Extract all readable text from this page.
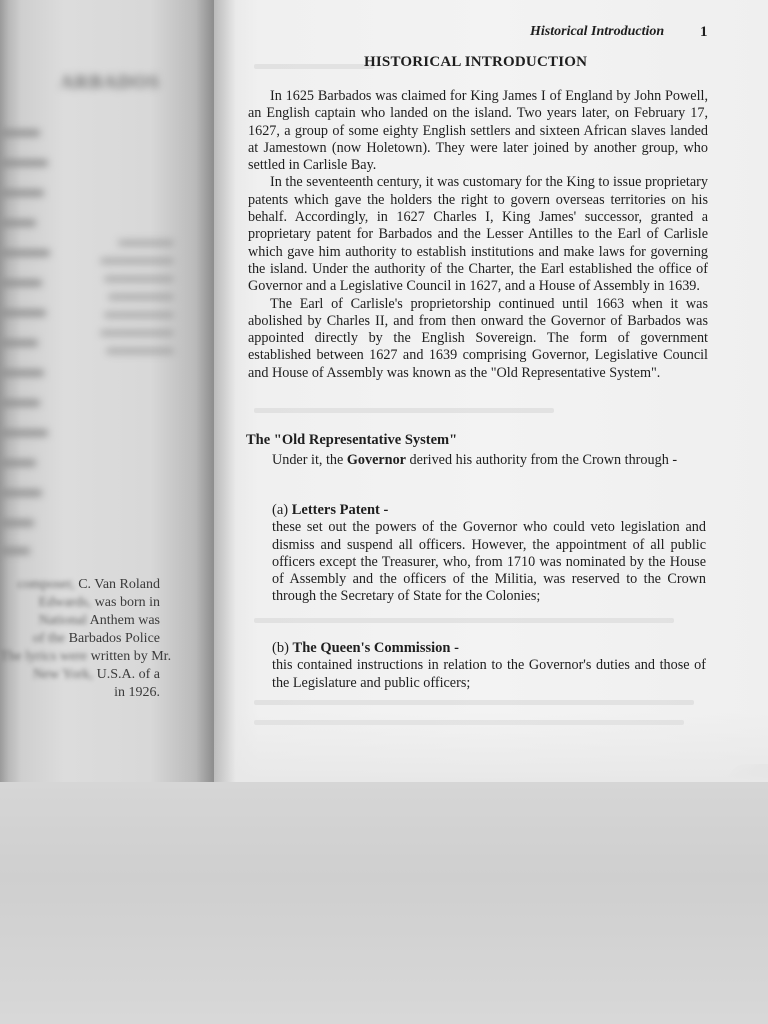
ARBADOS
composer, C. Van Roland
Edwards, was born in
National Anthem was
of the Barbados Police
The lyrics were written by Mr.
New York, U.S.A. of a
in 1926.
Historical Introduction 1
HISTORICAL INTRODUCTION

In 1625 Barbados was claimed for King James I of England by John Powell, an English captain who landed on the island. Two years later, on February 17, 1627, a group of some eighty English settlers and sixteen African slaves landed at Jamestown (now Holetown). They were later joined by another group, who settled in Carlisle Bay.

In the seventeenth century, it was customary for the King to issue proprietary patents which gave the holders the right to govern overseas territories on his behalf. Accordingly, in 1627 Charles I, King James' successor, granted a proprietary patent for Barbados and the Lesser Antilles to the Earl of Carlisle which gave him authority to establish institutions and make laws for governing the island. Under the authority of the Charter, the Earl established the office of Governor and a Legislative Council in 1627, and a House of Assembly in 1639.

The Earl of Carlisle's proprietorship continued until 1663 when it was abolished by Charles II, and from then onward the Governor of Barbados was appointed directly by the English Sovereign. The form of government established between 1627 and 1639 comprising Governor, Legislative Council and House of Assembly was known as the "Old Representative System".

The "Old Representative System"

Under it, the Governor derived his authority from the Crown through -

(a) Letters Patent -

these set out the powers of the Governor who could veto legislation and dismiss and suspend all officers. However, the appointment of all public officers except the Treasurer, who, from 1710 was nominated by the House of Assembly and the officers of the Militia, was reserved to the Crown through the Secretary of State for the Colonies;

(b) The Queen's Commission -

this contained instructions in relation to the Governor's duties and those of the Legislature and public officers;
